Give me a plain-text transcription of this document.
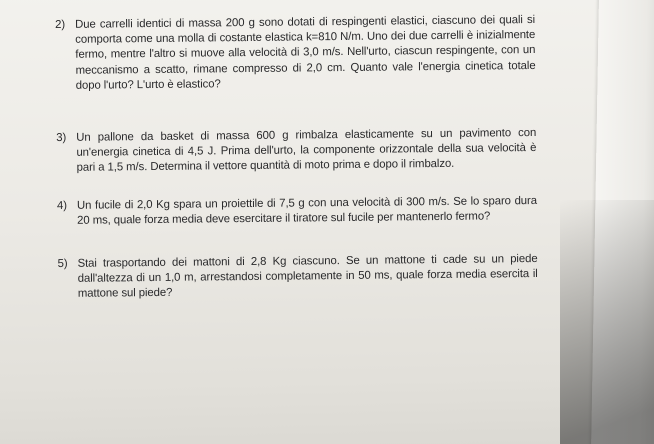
2) Due carrelli identici di massa 200 g sono dotati di respingenti elastici, ciascuno dei quali si comporta come una molla di costante elastica k=810 N/m. Uno dei due carrelli è inizialmente fermo, mentre l'altro si muove alla velocità di 3,0 m/s. Nell'urto, ciascun respingente, con un meccanismo a scatto, rimane compresso di 2,0 cm. Quanto vale l'energia cinetica totale dopo l'urto? L'urto è elastico?
3) Un pallone da basket di massa 600 g rimbalza elasticamente su un pavimento con un'energia cinetica di 4,5 J. Prima dell'urto, la componente orizzontale della sua velocità è pari a 1,5 m/s. Determina il vettore quantità di moto prima e dopo il rimbalzo.
4) Un fucile di 2,0 Kg spara un proiettile di 7,5 g con una velocità di 300 m/s. Se lo sparo dura 20 ms, quale forza media deve esercitare il tiratore sul fucile per mantenerlo fermo?
5) Stai trasportando dei mattoni di 2,8 Kg ciascuno. Se un mattone ti cade su un piede dall'altezza di un 1,0 m, arrestandosi completamente in 50 ms, quale forza media esercita il mattone sul piede?
